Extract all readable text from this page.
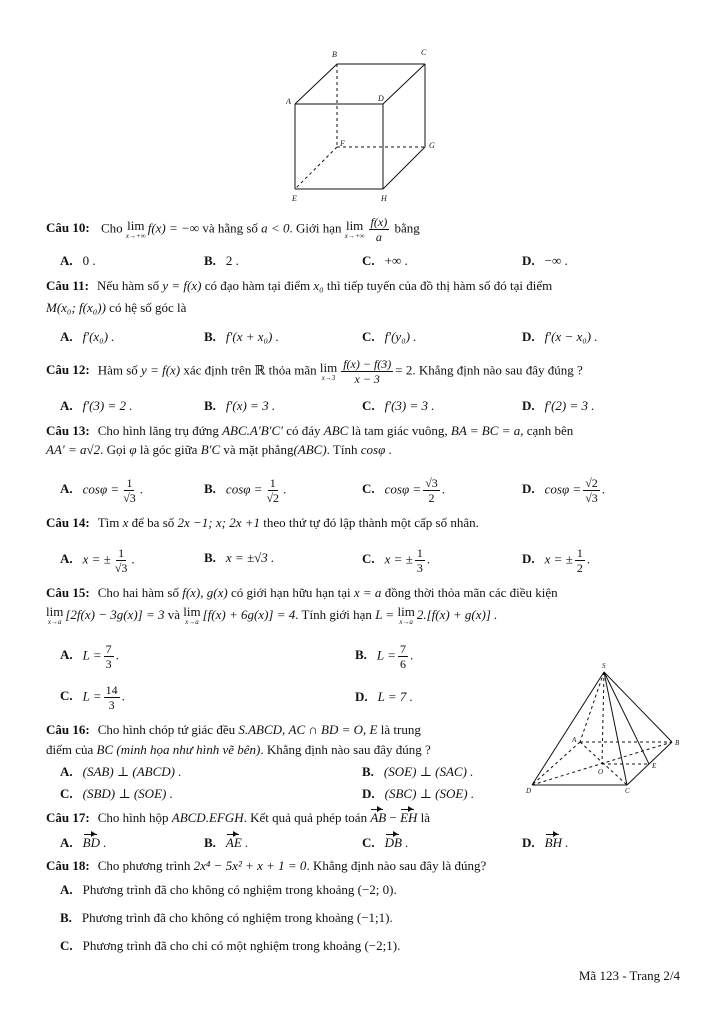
B	C
A	D
F	G
E	H
Câu 10: Cho lim
x→+∞
f(x) = −∞ và hằng số a < 0. Giới hạn lim
$x\to+\infty \frac{f(x)}{a}$ bằng
A. 0 .	B. 2 .	C. +∞ .	D. −∞ .
Câu 11: Nếu hàm số y = f(x) có đạo hàm tại điểm x₀ thì tiếp tuyến của đồ thị hàm số đó tại điểm
M(x₀; f(x₀)) có hệ số góc là
A. f′(x₀) .	B. f′(x + x₀) .	C. f′(y₀) .	D. f′(x − x₀) .
Câu 12: Hàm số y = f(x) xác định trên ℝ thỏa mãn lim
$x\to 3 \frac{f(x) - f(3)}{x - 3} = 2$. Khẳng định nào sau đây đúng ?
A. f′(3) = 2 .	B. f′(x) = 3 .	C. f′(3) = 3 .	D. f′(2) = 3 .
Câu 13: Cho hình lăng trụ đứng ABC.A′B′C′ có đáy ABC là tam giác vuông, BA = BC = a, cạnh bên
AA′ = a√2. Gọi φ là góc giữa B′C và mặt phẳng(ABC). Tính cosφ .
A. $\cos\varphi = \frac{1}{√3}$ .	B. $\cos\varphi = \frac{1}{√2}$ .	C. $\cos\varphi = \frac{√3}{2}$ .	D. $\cos\varphi = \frac{√2}{√3}$ .
Câu 14: Tìm x để ba số 2x −1; x; 2x +1 theo thứ tự đó lập thành một cấp số nhân.
A. x = ± $\frac{1}{√3}$ .	B. x = ±√3 .	C. x = ± $\frac{1}{3}$ .	D. x = ± $\frac{1}{2}$ .
Câu 15: Cho hai hàm số f(x), g(x) có giới hạn hữu hạn tại x = a đồng thời thỏa mãn các điều kiện
lim
x→a
[2f(x) − 3g(x)] = 3 và lim
x→a
[f(x) + 6g(x)] = 4. Tính giới hạn L = lim
x→a
2.[f(x) + g(x)] .
A. $L = \frac{7}{3}$ .	B. $L = \frac{7}{6}$ .
C. $L = \frac{14}{3}$ .	D. L = 7 .
S
A	B
O
E
D	C
Câu 16: Cho hình chóp tứ giác đều S.ABCD, AC ∩ BD = O, E là trung
điểm của BC (minh họa như hình vẽ bên). Khẳng định nào sau đây đúng ?
A. (SAB) ⊥ (ABCD) .	B. (SOE) ⊥ (SAC) .
C. (SBD) ⊥ (SOE) .	D. (SBC) ⊥ (SOE) .
Câu 17: Cho hình hộp ABCD.EFGH. Kết quả quả phép toán AB − EH là
A. BD .	B. AE .	C. DB .	D. BH .
Câu 18: Cho phương trình 2x⁴ − 5x² + x + 1 = 0. Khẳng định nào sau đây là đúng?
A. Phương trình đã cho không có nghiệm trong khoảng (−2; 0).
B. Phương trình đã cho không có nghiệm trong khoảng (−1;1).
C. Phương trình đã cho chỉ có một nghiệm trong khoảng (−2;1).
Mã 123 - Trang 2/4
